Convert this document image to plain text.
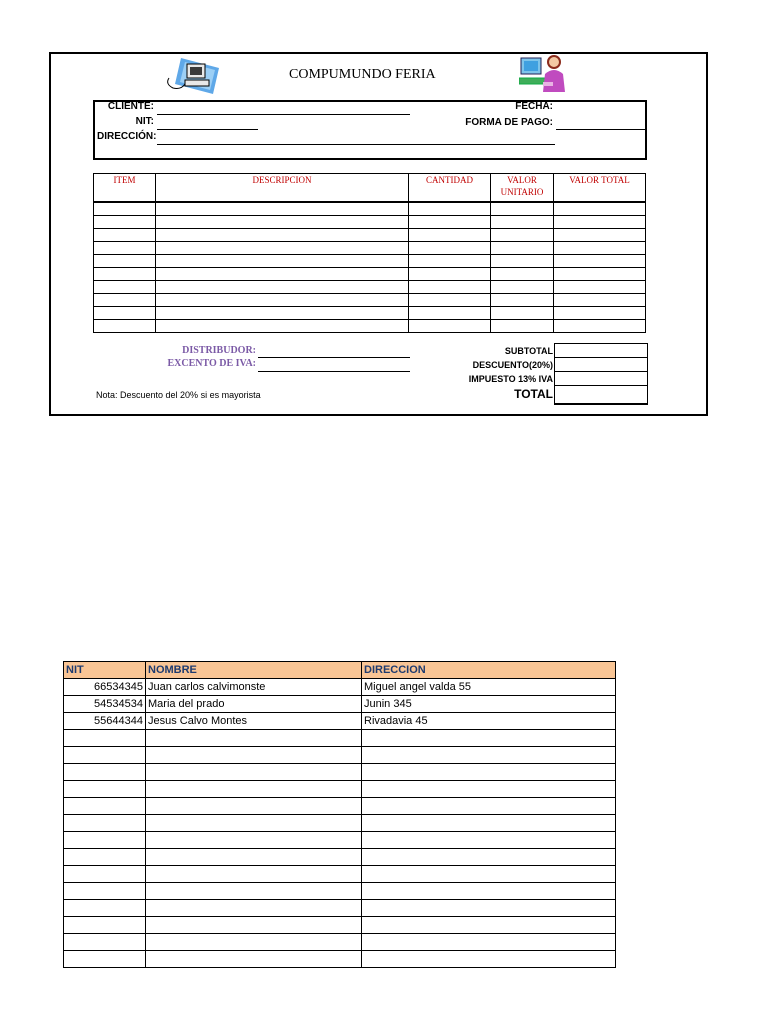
COMPUMUNDO FERIA
CLIENTE:
NIT:
DIRECCIÓN:
FECHA:
FORMA DE PAGO:
ITEM	DESCRIPCION	CANTIDAD	VALOR UNITARIO	VALOR TOTAL

DISTRIBUDOR:
EXCENTO DE IVA:
SUBTOTAL
DESCUENTO(20%)
IMPUESTO 13% IVA
TOTAL

Nota: Descuento del 20% si es mayorista
NIT	NOMBRE	DIRECCION
66534345	Juan carlos calvimonste	Miguel angel valda 55
54534534	Maria del prado	Junin 345
55644344	Jesus Calvo Montes	Rivadavia 45
